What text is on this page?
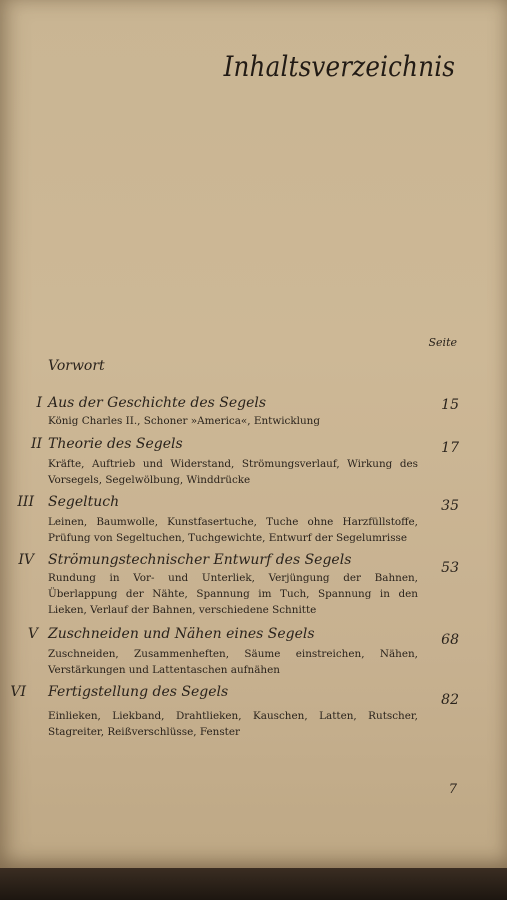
Inhaltsverzeichnis
Seite
Vorwort
I Aus der Geschichte des Segels	15
König Charles II., Schoner »America«, Entwicklung
II Theorie des Segels	17
Kräfte, Auftrieb und Widerstand, Strömungsverlauf, Wirkung des Vorsegels, Segelwölbung, Winddrücke
III Segeltuch	35
Leinen, Baumwolle, Kunstfasertuche, Tuche ohne Harzfüllstoffe, Prüfung von Segeltuchen, Tuchgewichte, Entwurf der Segelumrisse
IV Strömungstechnischer Entwurf des Segels	53
Rundung in Vor- und Unterliek, Verjüngung der Bahnen, Überlappung der Nähte, Spannung im Tuch, Spannung in den Lieken, Verlauf der Bahnen, verschiedene Schnitte
V Zuschneiden und Nähen eines Segels	68
Zuschneiden, Zusammenheften, Säume einstreichen, Nähen, Verstärkungen und Lattentaschen aufnähen
VI Fertigstellung des Segels	82
Einlieken, Liekband, Drahtlieken, Kauschen, Latten, Rutscher, Stagreiter, Reißverschlüsse, Fenster
7
